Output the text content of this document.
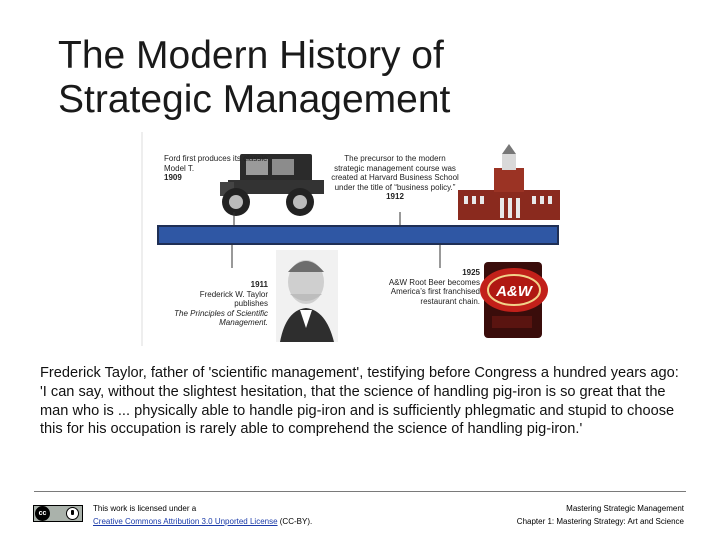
The Modern History of
Strategic Management
A&W
Ford first produces its classic Model T.
1909
The precursor to the modern strategic management course was created at Harvard Business School under the title of “business policy.”
1912
1911
Frederick W. Taylor publishes
The Principles of Scientific Management.
1925
A&W Root Beer becomes America’s first franchised restaurant chain.

Frederick Taylor, father of 'scientific management', testifying before Congress a hundred years ago:

'I can say, without the slightest hesitation, that the science of handling pig-iron is so great that the man who is ... physically able to handle pig-iron and is sufficiently phlegmatic and stupid to choose this for his occupation is rarely able to comprehend the science of handling pig-iron.'

cc
This work is licensed under a
Creative Commons Attribution 3.0 Unported License (CC-BY).
Mastering Strategic Management
Chapter 1: Mastering Strategy: Art and Science
